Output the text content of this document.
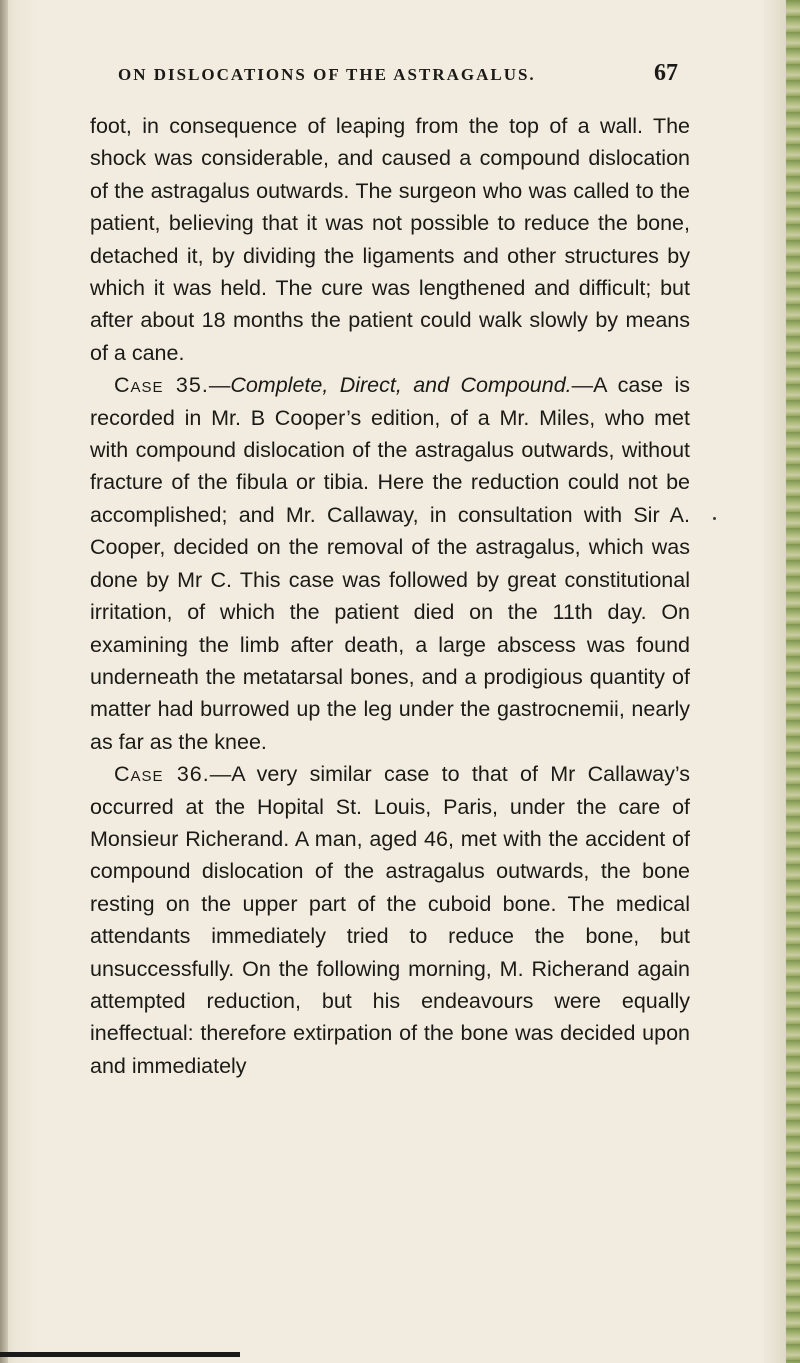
ON DISLOCATIONS OF THE ASTRAGALUS.	67

foot, in consequence of leaping from the top of a wall. The shock was considerable, and caused a compound dislocation of the astragalus outwards. The surgeon who was called to the patient, believing that it was not possible to reduce the bone, detached it, by dividing the ligaments and other structures by which it was held. The cure was lengthened and difficult; but after about 18 months the patient could walk slowly by means of a cane.

Case 35.—Complete, Direct, and Compound.—A case is recorded in Mr. B Cooper’s edition, of a Mr. Miles, who met with compound dislocation of the astragalus outwards, without fracture of the fibula or tibia. Here the reduction could not be accomplished; and Mr. Callaway, in consultation with Sir A. Cooper, decided on the removal of the astragalus, which was done by Mr C. This case was followed by great constitutional irritation, of which the patient died on the 11th day. On examining the limb after death, a large abscess was found underneath the metatarsal bones, and a prodigious quantity of matter had burrowed up the leg under the gastrocnemii, nearly as far as the knee.

Case 36.—A very similar case to that of Mr Callaway’s occurred at the Hopital St. Louis, Paris, under the care of Monsieur Richerand. A man, aged 46, met with the accident of compound dislocation of the astragalus outwards, the bone resting on the upper part of the cuboid bone. The medical attendants immediately tried to reduce the bone, but unsuccessfully. On the following morning, M. Richerand again attempted reduction, but his endeavours were equally ineffectual: therefore extirpation of the bone was decided upon and immediately
